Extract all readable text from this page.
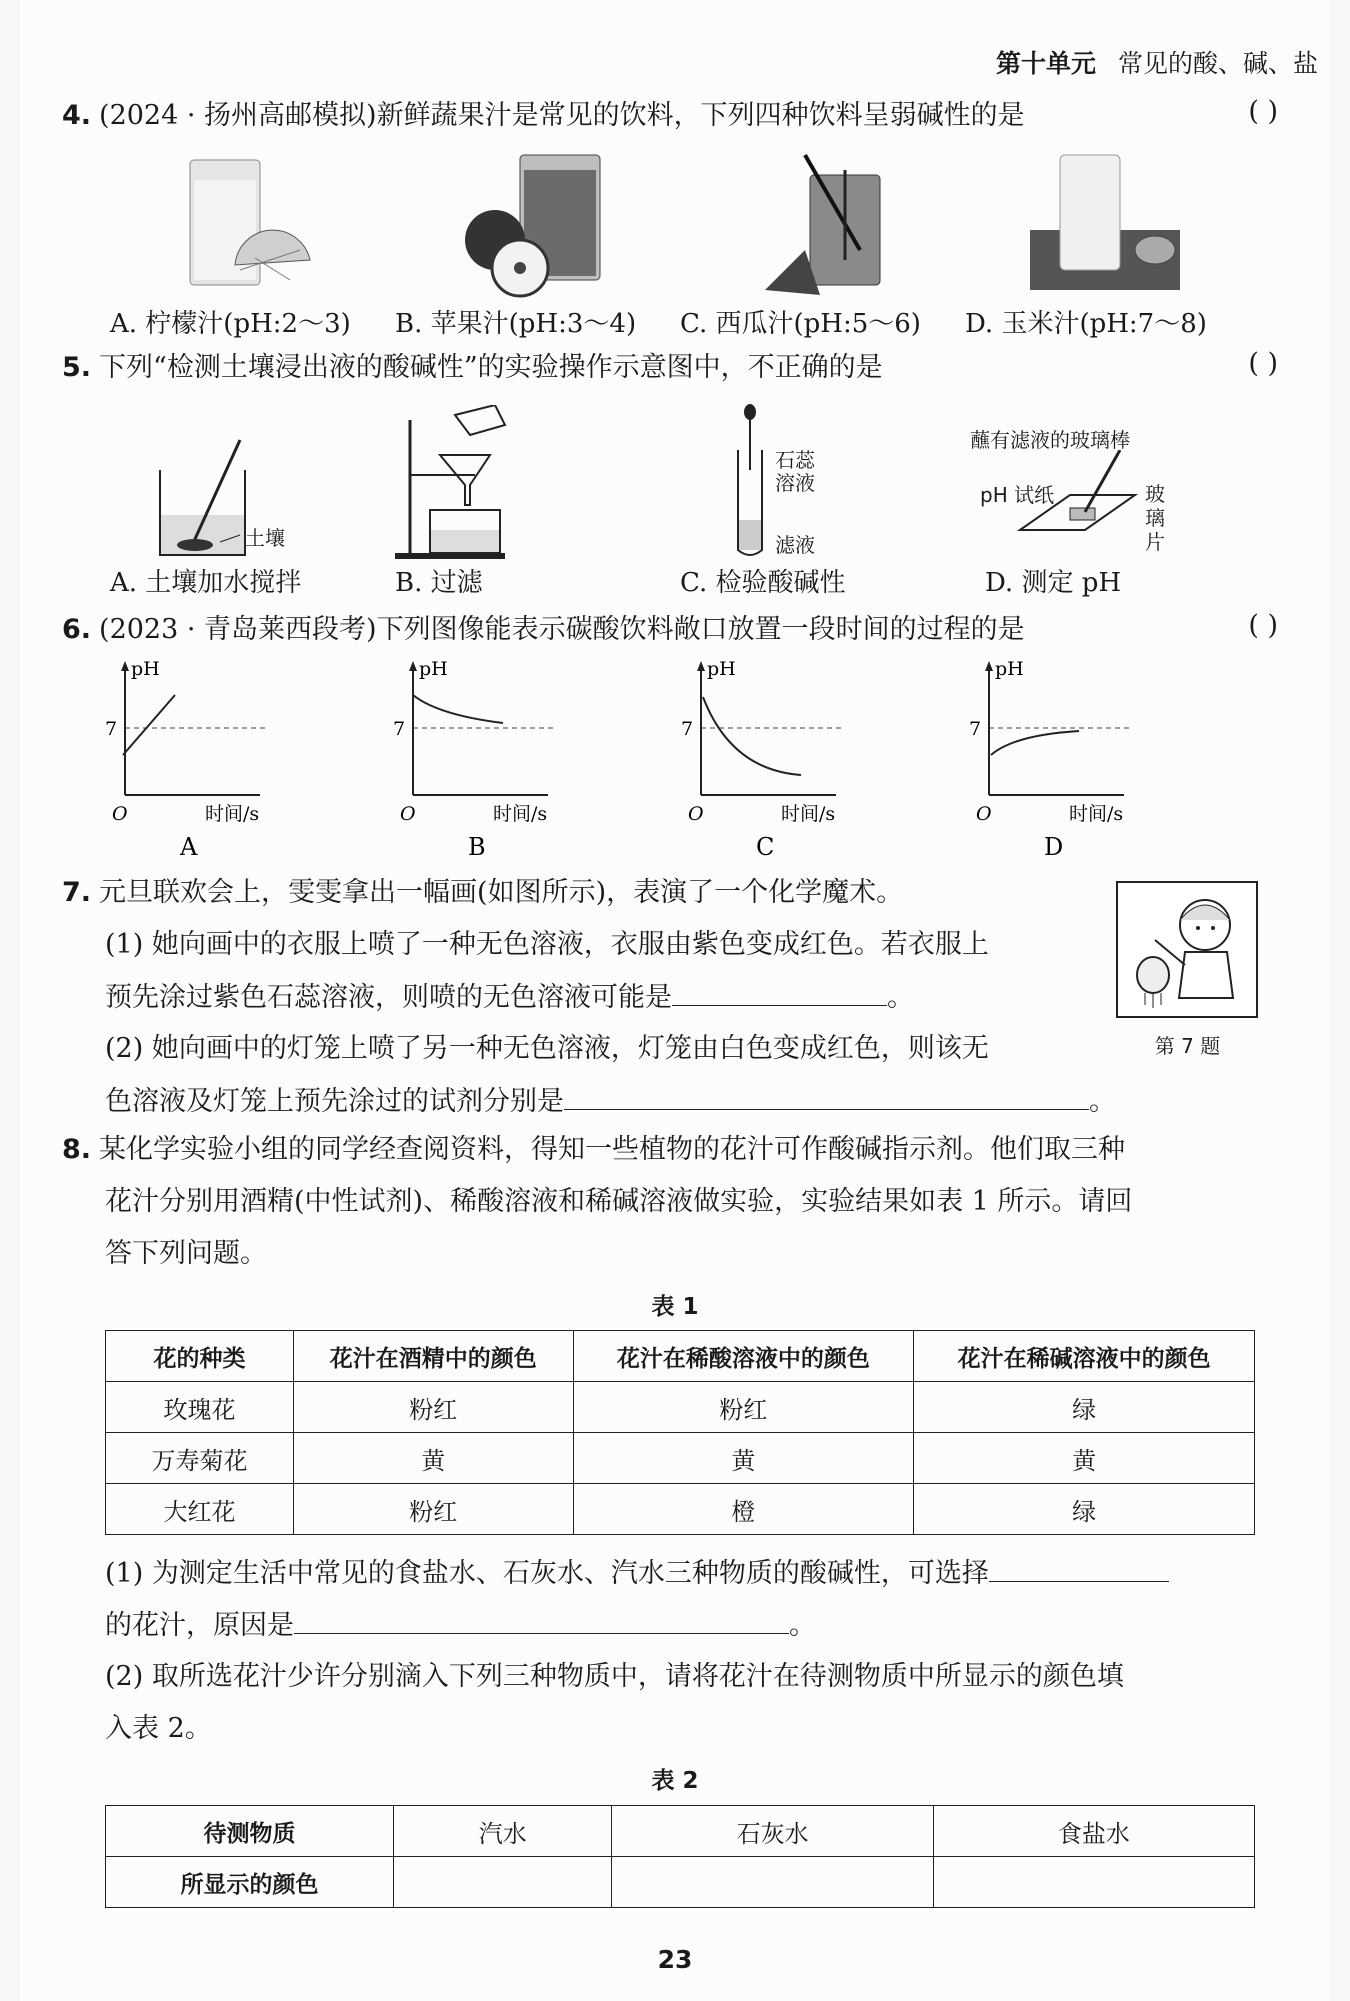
第十单元 常见的酸、碱、盐
4. (2024 · 扬州高邮模拟)新鲜蔬果汁是常见的饮料，下列四种饮料呈弱碱性的是	( )
A. 柠檬汁(pH:2～3) B. 苹果汁(pH:3～4) C. 西瓜汁(pH:5～6) D. 玉米汁(pH:7～8)
5. 下列“检测土壤浸出液的酸碱性”的实验操作示意图中，不正确的是	( )
土壤
石蕊
溶液
滤液
蘸有滤液的玻璃棒
pH 试纸	玻
璃
片
A. 土壤加水搅拌	B. 过滤	C. 检验酸碱性	D. 测定 pH
6. (2023 · 青岛莱西段考)下列图像能表示碳酸饮料敞口放置一段时间的过程的是	( )
pH
7
O	时间/s
A
pH
7
O	时间/s
B
pH
7
O	时间/s
C
pH
7
O	时间/s
D
7. 元旦联欢会上，雯雯拿出一幅画(如图所示)，表演了一个化学魔术。
(1) 她向画中的衣服上喷了一种无色溶液，衣服由紫色变成红色。若衣服上
预先涂过紫色石蕊溶液，则喷的无色溶液可能是	。
(2) 她向画中的灯笼上喷了另一种无色溶液，灯笼由白色变成红色，则该无
色溶液及灯笼上预先涂过的试剂分别是	。
第 7 题
8. 某化学实验小组的同学经查阅资料，得知一些植物的花汁可作酸碱指示剂。他们取三种
花汁分别用酒精(中性试剂)、稀酸溶液和稀碱溶液做实验，实验结果如表 1 所示。请回
答下列问题。
表 1
花的种类	花汁在酒精中的颜色	花汁在稀酸溶液中的颜色	花汁在稀碱溶液中的颜色
玫瑰花	粉红	粉红	绿
万寿菊花	黄	黄	黄
大红花	粉红	橙	绿
(1) 为测定生活中常见的食盐水、石灰水、汽水三种物质的酸碱性，可选择
的花汁，原因是	。
(2) 取所选花汁少许分别滴入下列三种物质中，请将花汁在待测物质中所显示的颜色填
入表 2。
表 2
待测物质	汽水	石灰水	食盐水
所显示的颜色			
23
